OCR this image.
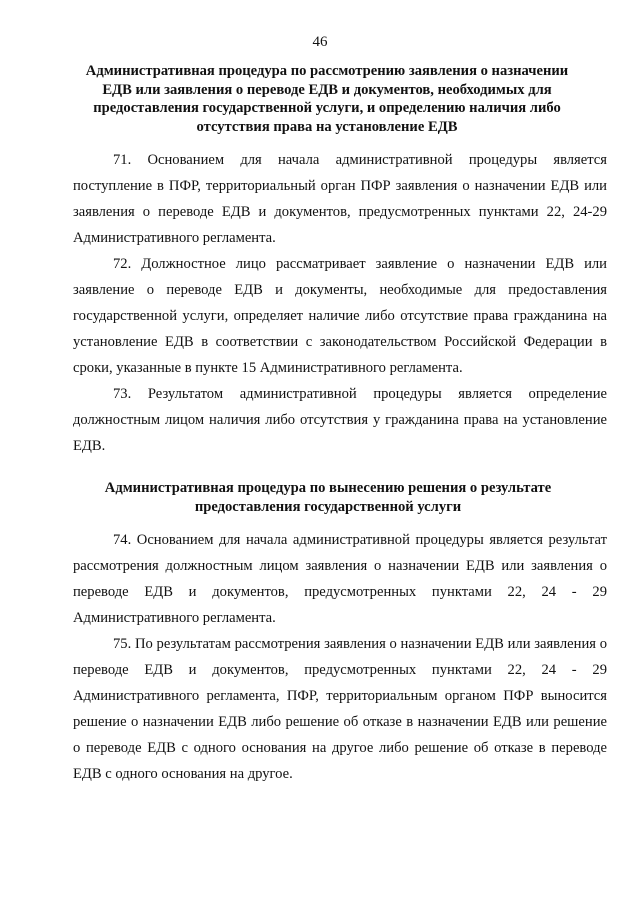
46
Административная процедура по рассмотрению заявления о назначении ЕДВ или заявления о переводе ЕДВ и документов, необходимых для предоставления государственной услуги, и определению наличия либо отсутствия права на установление ЕДВ

71. Основанием для начала административной процедуры является поступление в ПФР, территориальный орган ПФР заявления о назначении ЕДВ или заявления о переводе ЕДВ и документов, предусмотренных пунктами 22, 24-29 Административного регламента.

72. Должностное лицо рассматривает заявление о назначении ЕДВ или заявление о переводе ЕДВ и документы, необходимые для предоставления государственной услуги, определяет наличие либо отсутствие права гражданина на установление ЕДВ в соответствии с законодательством Российской Федерации в сроки, указанные в пункте 15 Административного регламента.

73. Результатом административной процедуры является определение должностным лицом наличия либо отсутствия у гражданина права на установление ЕДВ.

Административная процедура по вынесению решения о результате предоставления государственной услуги

74. Основанием для начала административной процедуры является результат рассмотрения должностным лицом заявления о назначении ЕДВ или заявления о переводе ЕДВ и документов, предусмотренных пунктами 22, 24 - 29 Административного регламента.

75. По результатам рассмотрения заявления о назначении ЕДВ или заявления о переводе ЕДВ и документов, предусмотренных пунктами 22, 24 - 29 Административного регламента, ПФР, территориальным органом ПФР выносится решение о назначении ЕДВ либо решение об отказе в назначении ЕДВ или решение о переводе ЕДВ с одного основания на другое либо решение об отказе в переводе ЕДВ с одного основания на другое.
